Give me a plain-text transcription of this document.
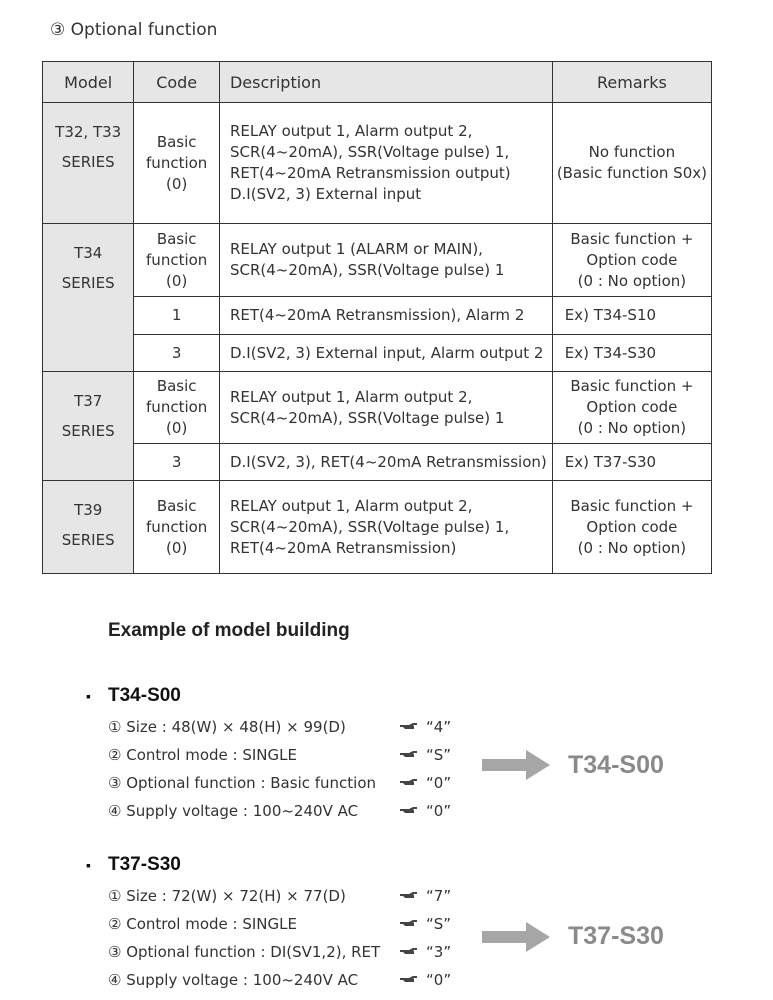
③ Optional function
Model	Code	Description	Remarks

T32, T33
SERIES	Basic
function
(0)	RELAY output 1, Alarm output 2,
SCR(4~20mA), SSR(Voltage pulse) 1,
RET(4~20mA Retransmission output)
D.I(SV2, 3) External input	No function
(Basic function S0x)

T34
SERIES	Basic
function
(0)	RELAY output 1 (ALARM or MAIN),
SCR(4~20mA), SSR(Voltage pulse) 1	Basic function +
Option code
(0 : No option)

	1	RET(4~20mA Retransmission), Alarm 2	Ex) T34-S10
	3	D.I(SV2, 3) External input, Alarm output 2	Ex) T34-S30

T37
SERIES	Basic
function
(0)	RELAY output 1, Alarm output 2,
SCR(4~20mA), SSR(Voltage pulse) 1	Basic function +
Option code
(0 : No option)

	3	D.I(SV2, 3), RET(4~20mA Retransmission)	Ex) T37-S30

T39
SERIES	Basic
function
(0)	RELAY output 1, Alarm output 2,
SCR(4~20mA), SSR(Voltage pulse) 1,
RET(4~20mA Retransmission)	Basic function +
Option code
(0 : No option)
Example of model building
▪ T34-S00
① Size : 48(W) × 48(H) × 99(D)	“4”
② Control mode : SINGLE	“S”
③ Optional function : Basic function	“0”
④ Supply voltage : 100~240V AC	“0”
T34-S00
▪ T37-S30
① Size : 72(W) × 72(H) × 77(D)	“7”
② Control mode : SINGLE	“S”
③ Optional function : DI(SV1,2), RET	“3”
④ Supply voltage : 100~240V AC	“0”
T37-S30
